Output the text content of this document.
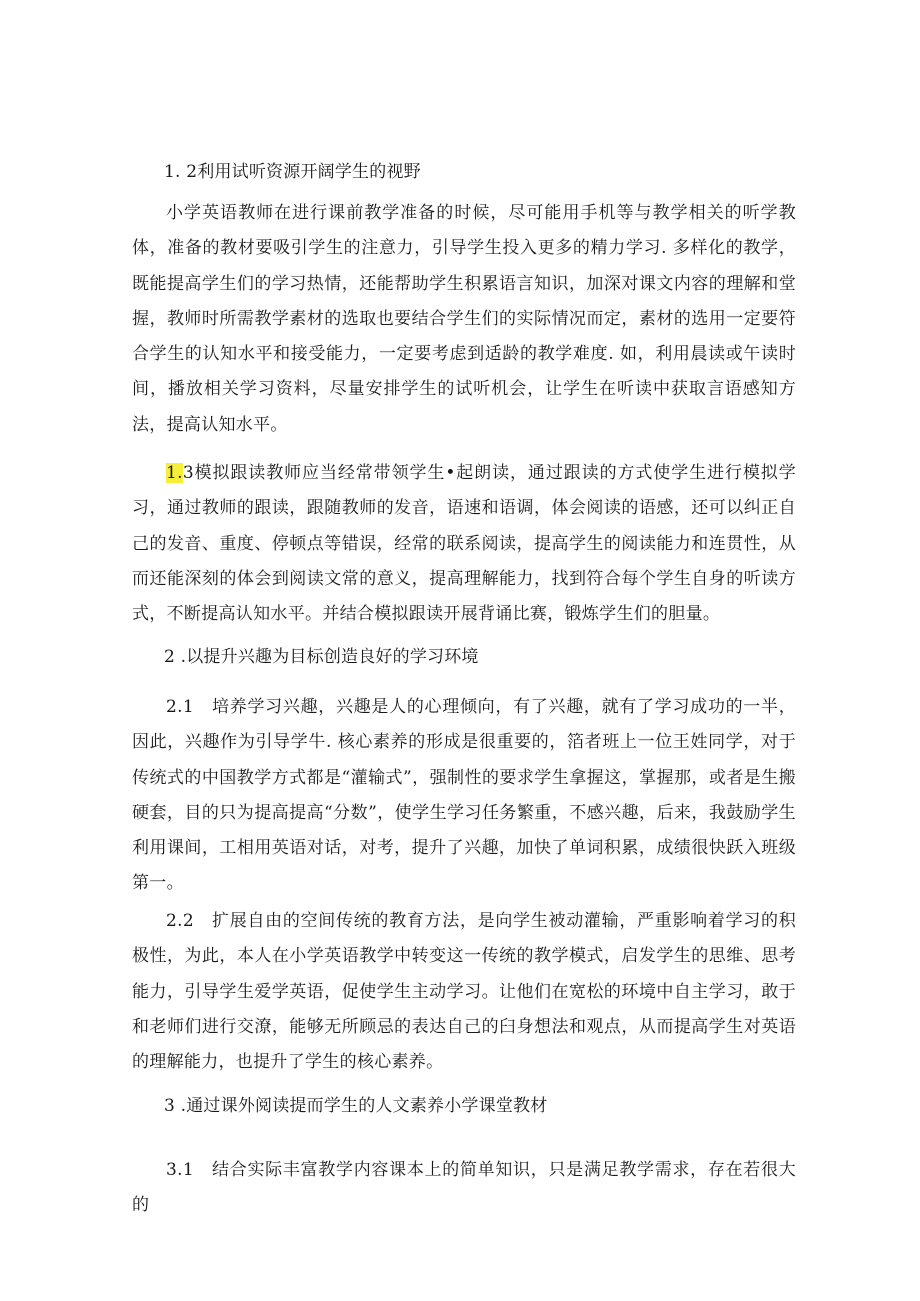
1. 2利用试听资源开阔学生的视野

小学英语教师在进行课前教学准备的时候，尽可能用手机等与教学相关的听学教体，准备的教材要吸引学生的注意力，引导学生投入更多的精力学习. 多样化的教学，既能提高学生们的学习热情，还能帮助学生积累语言知识，加深对课文内容的理解和堂握，教师时所需教学素材的选取也要结合学生们的实际情况而定，素材的选用一定要符合学生的认知水平和接受能力，一定要考虑到适龄的教学难度. 如，利用晨读或午读时间，播放相关学习资料，尽量安排学生的试听机会，让学生在听读中获取言语感知方法，提高认知水平。

1.3模拟跟读教师应当经常带领学生•起朗读，通过跟读的方式使学生进行模拟学习，通过教师的跟读，跟随教师的发音，语速和语调，体会阅读的语感，还可以纠正自己的发音、重度、停顿点等错误，经常的联系阅读，提高学生的阅读能力和连贯性，从而还能深刻的体会到阅读文常的意义，提高理解能力，找到符合每个学生自身的听读方式，不断提高认知水平。并结合模拟跟读开展背诵比赛，锻炼学生们的胆量。

2 .以提升兴趣为目标创造良好的学习环境

2.1　培养学习兴趣，兴趣是人的心理倾向，有了兴趣，就有了学习成功的一半，因此，兴趣作为引导学牛. 核心素养的形成是很重要的，箔者班上一位王姓同学，对于传统式的中国教学方式都是“灌输式”，强制性的要求学生拿握这，掌握那，或者是生搬硬套，目的只为提高提高“分数”，使学生学习任务繁重，不感兴趣，后来，我鼓励学生利用课间，工相用英语对话，对考，提升了兴趣，加快了单词积累，成绩很快跃入班级第一。

2.2　扩展自由的空间传统的教育方法，是向学生被动灌输，严重影响着学习的积极性，为此，本人在小学英语教学中转变这一传统的教学模式，启发学生的思维、思考能力，引导学生爱学英语，促使学生主动学习。让他们在宽松的环境中自主学习，敢于和老师们进行交潦，能够无所顾忌的表达自己的臼身想法和观点，从而提高学生对英语的理解能力，也提升了学生的核心素养。

3 .通过课外阅读提而学生的人文素养小学课堂教材

3.1　结合实际丰富教学内容课本上的简单知识，只是满足教学需求，存在若很大的
